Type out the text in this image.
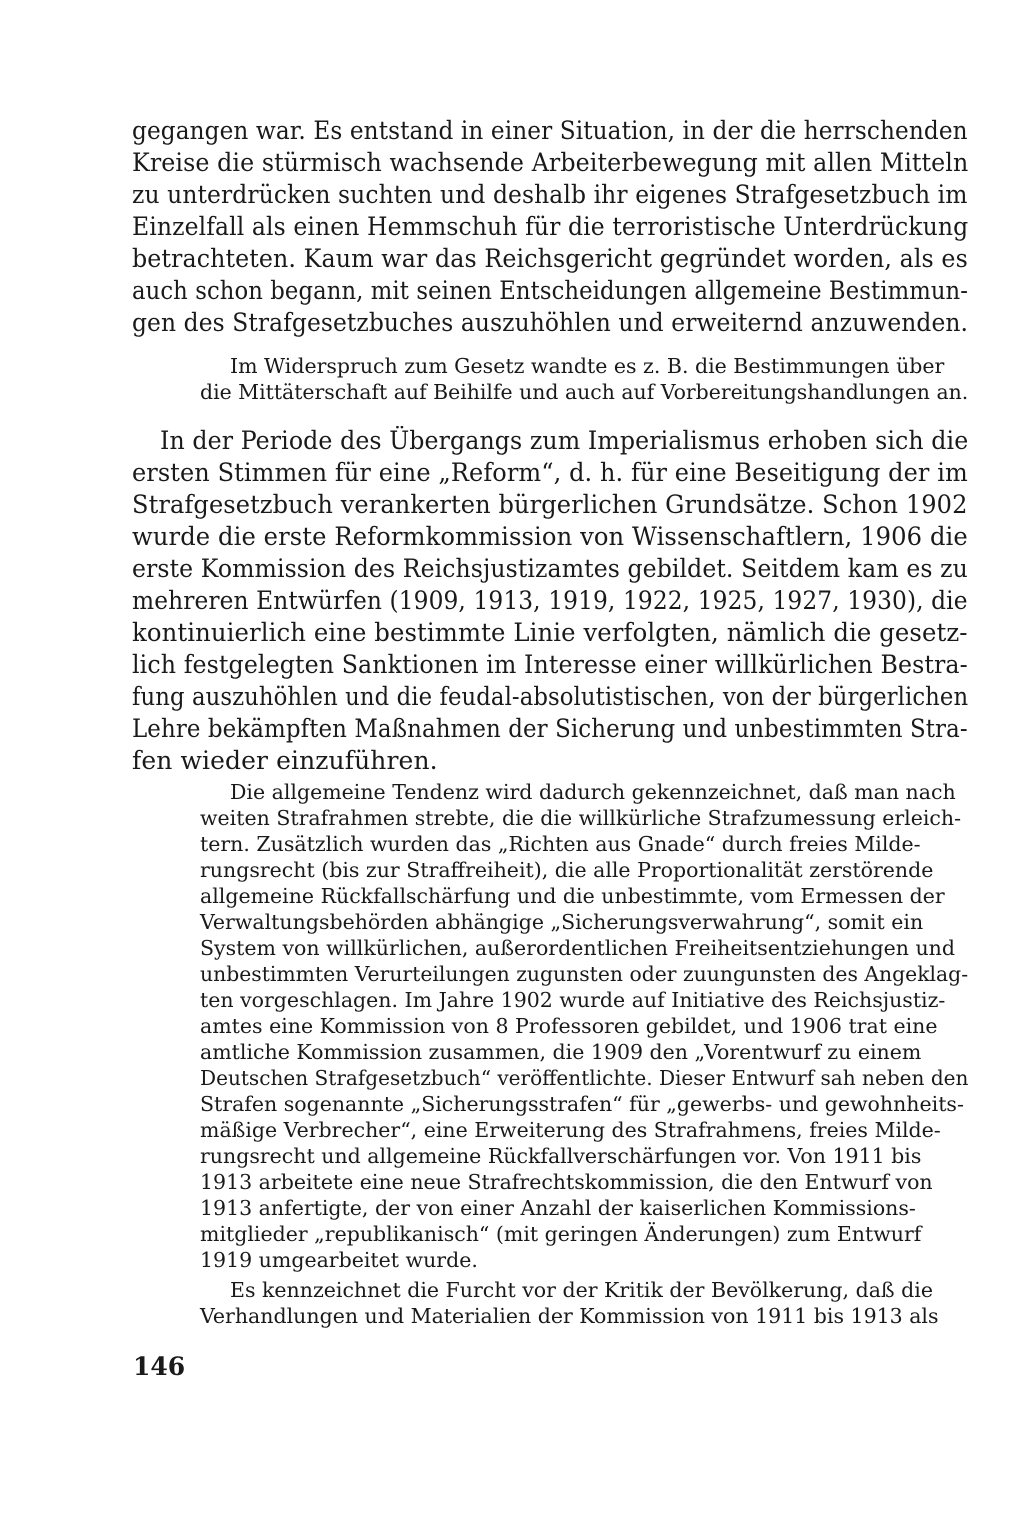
gegangen war. Es entstand in einer Situation, in der die herrschenden
Kreise die stürmisch wachsende Arbeiterbewegung mit allen Mitteln
zu unterdrücken suchten und deshalb ihr eigenes Strafgesetzbuch im
Einzelfall als einen Hemmschuh für die terroristische Unterdrückung
betrachteten. Kaum war das Reichsgericht gegründet worden, als es
auch schon begann, mit seinen Entscheidungen allgemeine Bestimmun-
gen des Strafgesetzbuches auszuhöhlen und erweiternd anzuwenden.
Im Widerspruch zum Gesetz wandte es z. B. die Bestimmungen über
die Mittäterschaft auf Beihilfe und auch auf Vorbereitungshandlungen an.
In der Periode des Übergangs zum Imperialismus erhoben sich die
ersten Stimmen für eine „Reform“, d. h. für eine Beseitigung der im
Strafgesetzbuch verankerten bürgerlichen Grundsätze. Schon 1902
wurde die erste Reformkommission von Wissenschaftlern, 1906 die
erste Kommission des Reichsjustizamtes gebildet. Seitdem kam es zu
mehreren Entwürfen (1909, 1913, 1919, 1922, 1925, 1927, 1930), die
kontinuierlich eine bestimmte Linie verfolgten, nämlich die gesetz-
lich festgelegten Sanktionen im Interesse einer willkürlichen Bestra-
fung auszuhöhlen und die feudal-absolutistischen, von der bürgerlichen
Lehre bekämpften Maßnahmen der Sicherung und unbestimmten Stra-
fen wieder einzuführen.
Die allgemeine Tendenz wird dadurch gekennzeichnet, daß man nach
weiten Strafrahmen strebte, die die willkürliche Strafzumessung erleich-
tern. Zusätzlich wurden das „Richten aus Gnade“ durch freies Milde-
rungsrecht (bis zur Straffreiheit), die alle Proportionalität zerstörende
allgemeine Rückfallschärfung und die unbestimmte, vom Ermessen der
Verwaltungsbehörden abhängige „Sicherungsverwahrung“, somit ein
System von willkürlichen, außerordentlichen Freiheitsentziehungen und
unbestimmten Verurteilungen zugunsten oder zuungunsten des Angeklag-
ten vorgeschlagen. Im Jahre 1902 wurde auf Initiative des Reichsjustiz-
amtes eine Kommission von 8 Professoren gebildet, und 1906 trat eine
amtliche Kommission zusammen, die 1909 den „Vorentwurf zu einem
Deutschen Strafgesetzbuch“ veröffentlichte. Dieser Entwurf sah neben den
Strafen sogenannte „Sicherungsstrafen“ für „gewerbs- und gewohnheits-
mäßige Verbrecher“, eine Erweiterung des Strafrahmens, freies Milde-
rungsrecht und allgemeine Rückfallverschärfungen vor. Von 1911 bis
1913 arbeitete eine neue Strafrechtskommission, die den Entwurf von
1913 anfertigte, der von einer Anzahl der kaiserlichen Kommissions-
mitglieder „republikanisch“ (mit geringen Änderungen) zum Entwurf
1919 umgearbeitet wurde.
Es kennzeichnet die Furcht vor der Kritik der Bevölkerung, daß die
Verhandlungen und Materialien der Kommission von 1911 bis 1913 als
146
